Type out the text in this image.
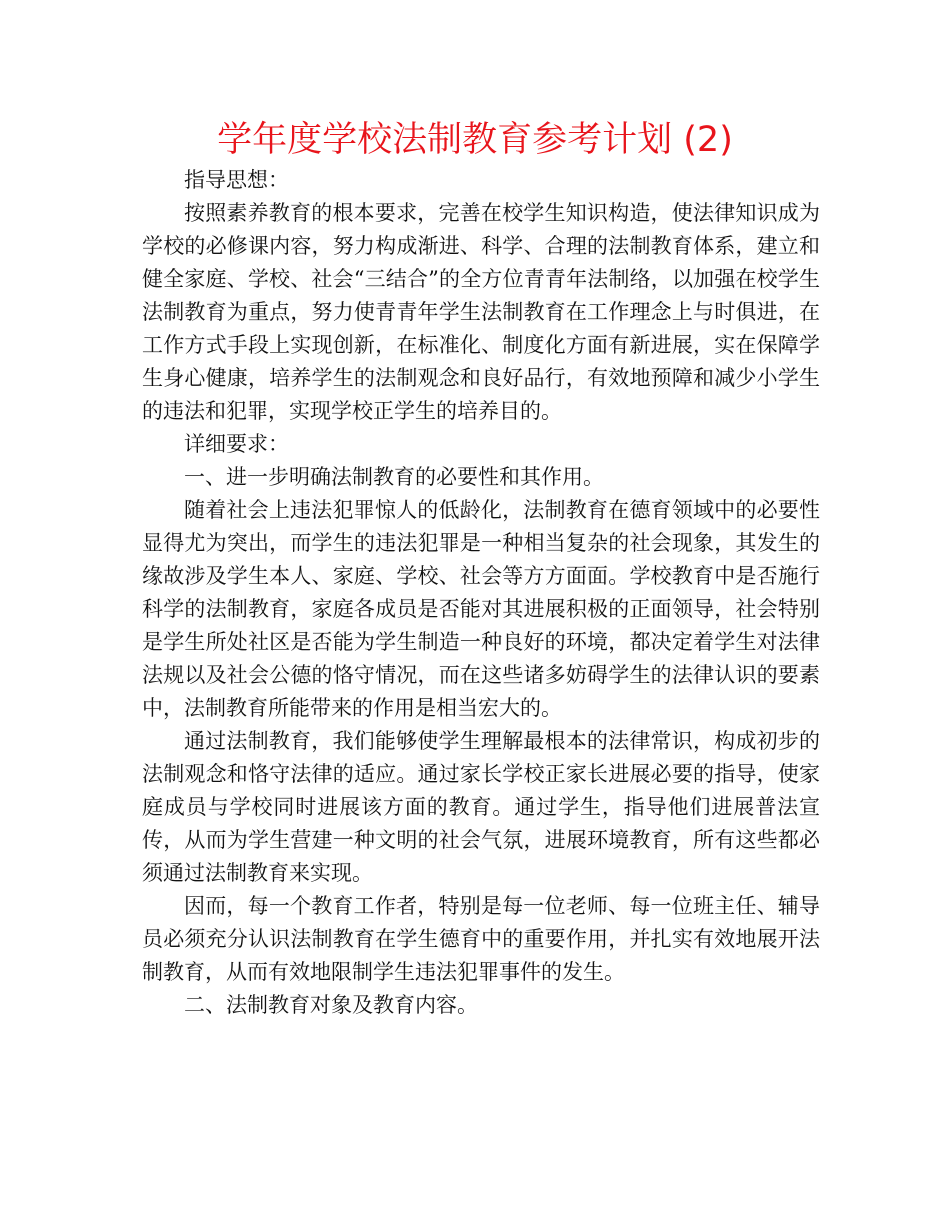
学年度学校法制教育参考计划 (2)

指导思想：

按照素养教育的根本要求，完善在校学生知识构造，使法律知识成为学校的必修课内容，努力构成渐进、科学、合理的法制教育体系，建立和健全家庭、学校、社会“三结合”的全方位青青年法制络，以加强在校学生法制教育为重点，努力使青青年学生法制教育在工作理念上与时俱进，在工作方式手段上实现创新，在标准化、制度化方面有新进展，实在保障学生身心健康，培养学生的法制观念和良好品行，有效地预障和减少小学生的违法和犯罪，实现学校正学生的培养目的。

详细要求：

一、进一步明确法制教育的必要性和其作用。

随着社会上违法犯罪惊人的低龄化，法制教育在德育领域中的必要性显得尤为突出，而学生的违法犯罪是一种相当复杂的社会现象，其发生的缘故涉及学生本人、家庭、学校、社会等方方面面。学校教育中是否施行科学的法制教育，家庭各成员是否能对其进展积极的正面领导，社会特别是学生所处社区是否能为学生制造一种良好的环境，都决定着学生对法律法规以及社会公德的恪守情况，而在这些诸多妨碍学生的法律认识的要素中，法制教育所能带来的作用是相当宏大的。

通过法制教育，我们能够使学生理解最根本的法律常识，构成初步的法制观念和恪守法律的适应。通过家长学校正家长进展必要的指导，使家庭成员与学校同时进展该方面的教育。通过学生，指导他们进展普法宣传，从而为学生营建一种文明的社会气氛，进展环境教育，所有这些都必须通过法制教育来实现。

因而，每一个教育工作者，特别是每一位老师、每一位班主任、辅导员必须充分认识法制教育在学生德育中的重要作用，并扎实有效地展开法制教育，从而有效地限制学生违法犯罪事件的发生。

二、法制教育对象及教育内容。
